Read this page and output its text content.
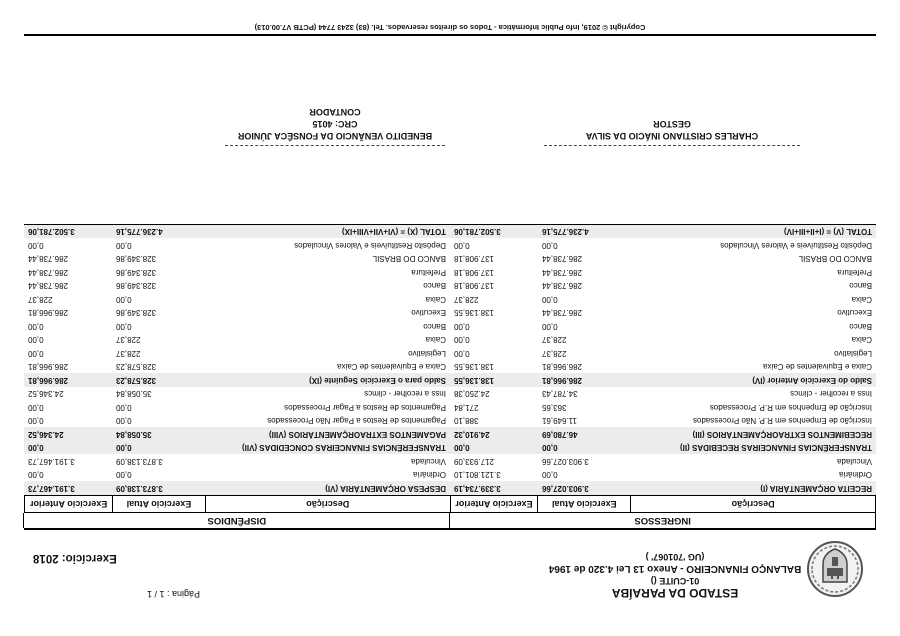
ESTADO DA PARAÍBA
01-CUITE ()
BALANÇO FINANCEIRO - Anexo 13 Lei 4.320 de 1964
(UG '701067' )
Página : 1 / 1
Exercício: 2018
INGRESSOS
DISPÊNDIOS
Descrição
Exercício Atual
Exercício Anterior
Descrição
Exercício Atual
Exercício Anterior
RECEITA ORÇAMENTÁRIA (I)
3.903.027,66
3.339.734,19
DESPESA ORÇAMENTÁRIA (VI)
3.873.138,09
3.191.467,73
Ordinária
0,00
3.121.801,10
Ordinária
0,00
0,00
Vinculada
3.903.027,66
217.933,09
Vinculada
3.873.138,09
3.191.467,73
TRANSFERÊNCIAS FINANCEIRAS RECEBIDAS (II)
0,00
0,00
TRANSFERÊNCIAS FINANCEIRAS CONCEDIDAS (VII)
0,00
0,00
RECEBIMENTOS EXTRAORÇAMENTÁRIOS (III)
46.780,69
24.910,32
PAGAMENTOS EXTRAORÇAMENTÁRIOS (VIII)
35.058,84
24.346,52
Inscrição de Empenhos em R.P. Não Processados
11.649,61
388,10
Pagamentos de Restos a Pagar Não Processados
0,00
0,00
Inscrição de Empenhos em R.P. Processados
363,65
271,84
Pagamentos de Restos a Pagar Processados
0,00
0,00
Inss a recolher - climcs
34.787,43
24.250,38
Inss a recolher - climcs
35.058,84
24.346,52
Saldo do Exercício Anterior (IV)
286.966,81
138.136,55
Saldo para o Exercício Seguinte (IX)
328.578,23
286.966,81
Caixa e Equivalentes de Caixa
286.966,81
138.136,55
Caixa e Equivalentes de Caixa
328.578,23
286.966,81
Legislativo
228,37
0,00
Legislativo
228,37
0,00
Caixa
228,37
0,00
Caixa
228,37
0,00
Banco
0,00
0,00
Banco
0,00
0,00
Executivo
286.738,44
138.136,55
Executivo
328.349,86
286.966,81
Caixa
0,00
228,37
Caixa
0,00
228,37
Banco
286.738,44
137.908,18
Banco
328.349,86
286.738,44
Prefeitura
286.738,44
137.908,18
Prefeitura
328.349,86
286.738,44
BANCO DO BRASIL
286.738,44
137.908,18
BANCO DO BRASIL
328.349,86
286.738,44
Depósito Restituíveis e Valores Vinculados
0,00
0,00
Depósito Restituíveis e Valores Vinculados
0,00
0,00
TOTAL (V) = (I+II+III+IV)
4.236.775,16
3.502.781,06
TOTAL (X) = (VI+VII+VIII+IX)
4.236.775,16
3.502.781,06
CHARLES CRISTIANO INÁCIO DA SILVA
GESTOR
BENEDITO VENÂNCIO DA FONSÊCA JÚNIOR
CRC: 4015
CONTADOR
Copyright © 2019, Info Public Informática - Todos os direitos reservados. Tel. (83) 3243 7744 (PCTB V7.00.013)
